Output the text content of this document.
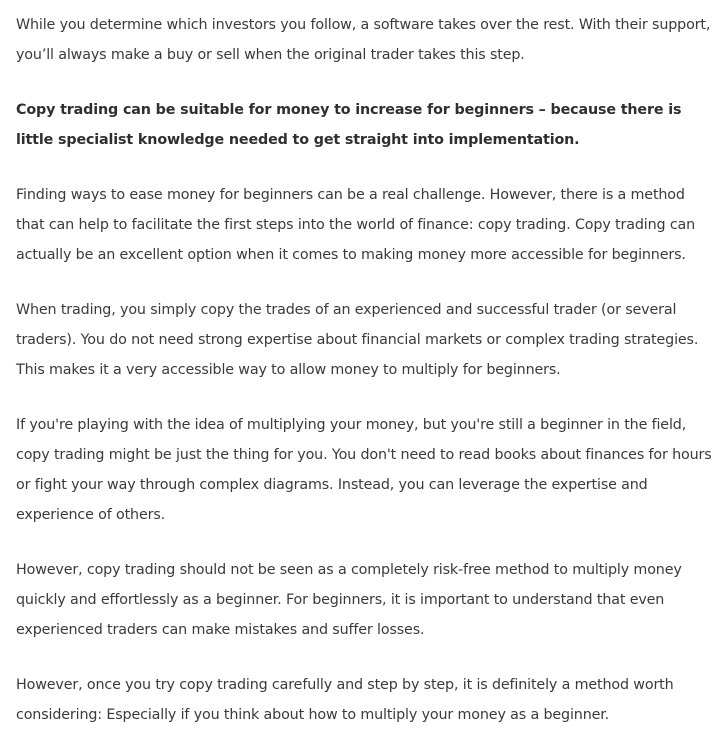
While you determine which investors you follow, a software takes over the rest. With their support, you’ll always make a buy or sell when the original trader takes this step.

Copy trading can be suitable for money to increase for beginners – because there is little specialist knowledge needed to get straight into implementation.

Finding ways to ease money for beginners can be a real challenge. However, there is a method that can help to facilitate the first steps into the world of finance: copy trading. Copy trading can actually be an excellent option when it comes to making money more accessible for beginners.

When trading, you simply copy the trades of an experienced and successful trader (or several traders). You do not need strong expertise about financial markets or complex trading strategies. This makes it a very accessible way to allow money to multiply for beginners.

If you're playing with the idea of multiplying your money, but you're still a beginner in the field, copy trading might be just the thing for you. You don't need to read books about finances for hours or fight your way through complex diagrams. Instead, you can leverage the expertise and experience of others.

However, copy trading should not be seen as a completely risk-free method to multiply money quickly and effortlessly as a beginner. For beginners, it is important to understand that even experienced traders can make mistakes and suffer losses.

However, once you try copy trading carefully and step by step, it is definitely a method worth considering: Especially if you think about how to multiply your money as a beginner.
